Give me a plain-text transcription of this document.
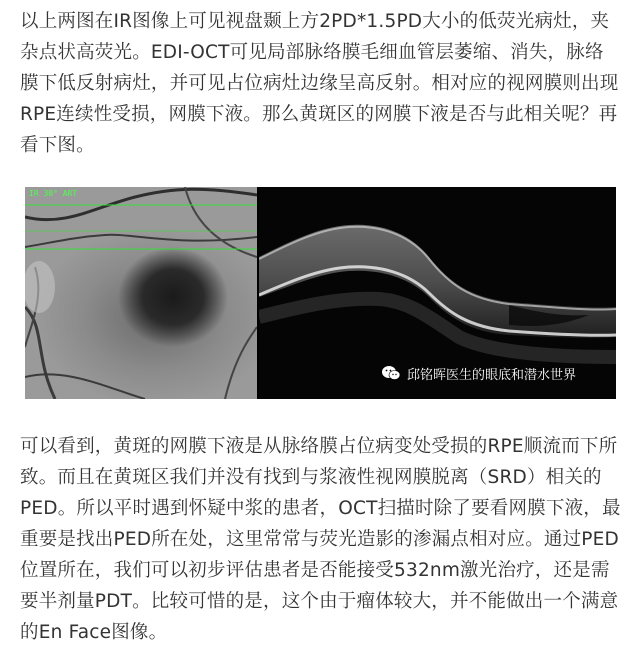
以上两图在IR图像上可见视盘颞上方2PD*1.5PD大小的低荧光病灶，夹杂点状高荧光。EDI-OCT可见局部脉络膜毛细血管层萎缩、消失，脉络膜下低反射病灶，并可见占位病灶边缘呈高反射。相对应的视网膜则出现RPE连续性受损，网膜下液。那么黄斑区的网膜下液是否与此相关呢？再看下图。

IR 30° ART
邱铭晖医生的眼底和潜水世界

可以看到，黄斑的网膜下液是从脉络膜占位病变处受损的RPE顺流而下所致。而且在黄斑区我们并没有找到与浆液性视网膜脱离（SRD）相关的PED。所以平时遇到怀疑中浆的患者，OCT扫描时除了要看网膜下液，最重要是找出PED所在处，这里常常与荧光造影的渗漏点相对应。通过PED位置所在，我们可以初步评估患者是否能接受532nm激光治疗，还是需要半剂量PDT。比较可惜的是，这个由于瘤体较大，并不能做出一个满意的En Face图像。
